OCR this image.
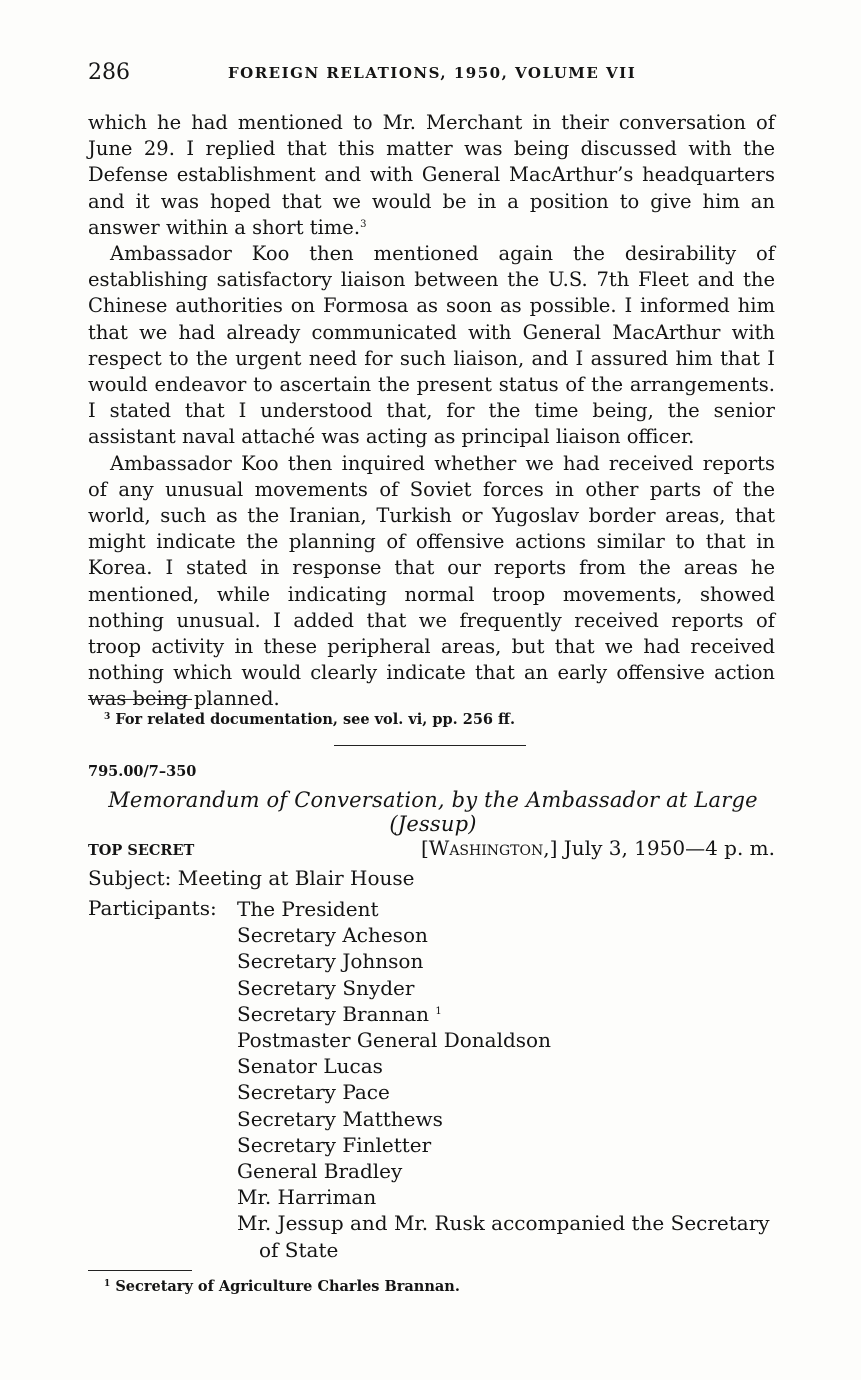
286	FOREIGN RELATIONS, 1950, VOLUME VII

which he had mentioned to Mr. Merchant in their conversation of June 29. I replied that this matter was being discussed with the Defense establishment and with General MacArthur’s headquarters and it was hoped that we would be in a position to give him an answer within a short time.$^3$

Ambassador Koo then mentioned again the desirability of establishing satisfactory liaison between the U.S. 7th Fleet and the Chinese authorities on Formosa as soon as possible. I informed him that we had already communicated with General MacArthur with respect to the urgent need for such liaison, and I assured him that I would endeavor to ascertain the present status of the arrangements. I stated that I understood that, for the time being, the senior assistant naval attaché was acting as principal liaison officer.

Ambassador Koo then inquired whether we had received reports of any unusual movements of Soviet forces in other parts of the world, such as the Iranian, Turkish or Yugoslav border areas, that might indicate the planning of offensive actions similar to that in Korea. I stated in response that our reports from the areas he mentioned, while indicating normal troop movements, showed nothing unusual. I added that we frequently received reports of troop activity in these peripheral areas, but that we had received nothing which would clearly indicate that an early offensive action was being planned.

$^3$ For related documentation, see vol. vi, pp. 256 ff.
795.00/7–350
Memorandum of Conversation, by the Ambassador at Large (Jessup)
TOP SECRET	[Washington,] July 3, 1950—4 p. m.
Subject: Meeting at Blair House
Participants: The President
Secretary Acheson
Secretary Johnson
Secretary Snyder
Secretary Brannan $^1$
Postmaster General Donaldson
Senator Lucas
Secretary Pace
Secretary Matthews
Secretary Finletter
General Bradley
Mr. Harriman
Mr. Jessup and Mr. Rusk accompanied the Secretary of State
$^1$ Secretary of Agriculture Charles Brannan.
